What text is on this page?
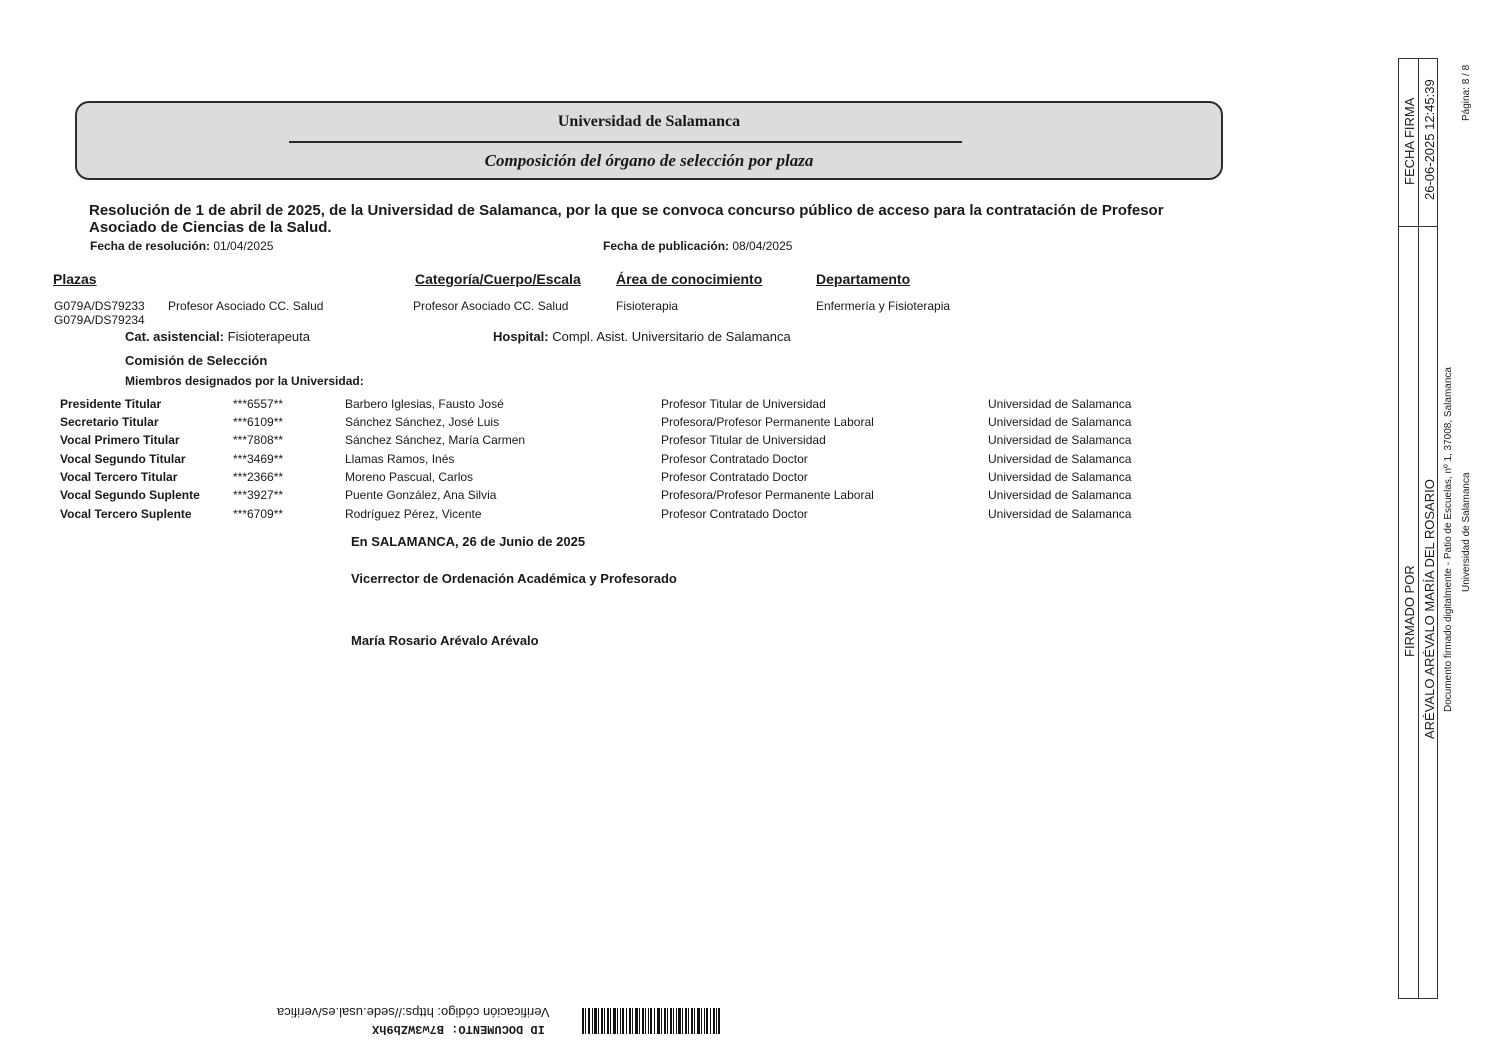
Universidad de Salamanca
Composición del órgano de selección por plaza
Resolución de 1 de abril de 2025, de la Universidad de Salamanca, por la que se convoca concurso público de acceso para la contratación de Profesor Asociado de Ciencias de la Salud.
Fecha de resolución: 01/04/2025	Fecha de publicación: 08/04/2025
Plazas	Categoría/Cuerpo/Escala	Área de conocimiento	Departamento
G079A/DS79233
G079A/DS79234
Profesor Asociado CC. Salud	Profesor Asociado CC. Salud	Fisioterapia	Enfermería y Fisioterapia
Cat. asistencial: Fisioterapeuta	Hospital: Compl. Asist. Universitario de Salamanca
Comisión de Selección
Miembros designados por la Universidad:
Presidente Titular	***6557**	Barbero Iglesias, Fausto José	Profesor Titular de Universidad	Universidad de Salamanca
Secretario Titular	***6109**	Sánchez Sánchez, José Luis	Profesora/Profesor Permanente Laboral	Universidad de Salamanca
Vocal Primero Titular	***7808**	Sánchez Sánchez, María Carmen	Profesor Titular de Universidad	Universidad de Salamanca
Vocal Segundo Titular	***3469**	Llamas Ramos, Inés	Profesor Contratado Doctor	Universidad de Salamanca
Vocal Tercero Titular	***2366**	Moreno Pascual, Carlos	Profesor Contratado Doctor	Universidad de Salamanca
Vocal Segundo Suplente	***3927**	Puente González, Ana Silvia	Profesora/Profesor Permanente Laboral	Universidad de Salamanca
Vocal Tercero Suplente	***6709**	Rodríguez Pérez, Vicente	Profesor Contratado Doctor	Universidad de Salamanca
En SALAMANCA, 26 de Junio de 2025
Vicerrector de Ordenación Académica y Profesorado
María Rosario Arévalo Arévalo
FECHA FIRMA 26-06-2025 12:45:39
FIRMADO POR ARÉVALO ARÉVALO MARÍA DEL ROSARIO Documento firmado digitalmente - Patio de Escuelas, nº 1, 37008, Salamanca Universidad de Salamanca
Página: 8 / 8
Verificación código: https://sede.usal.es/verifica
ID DOCUMENTO: B7w3WZb9hX
